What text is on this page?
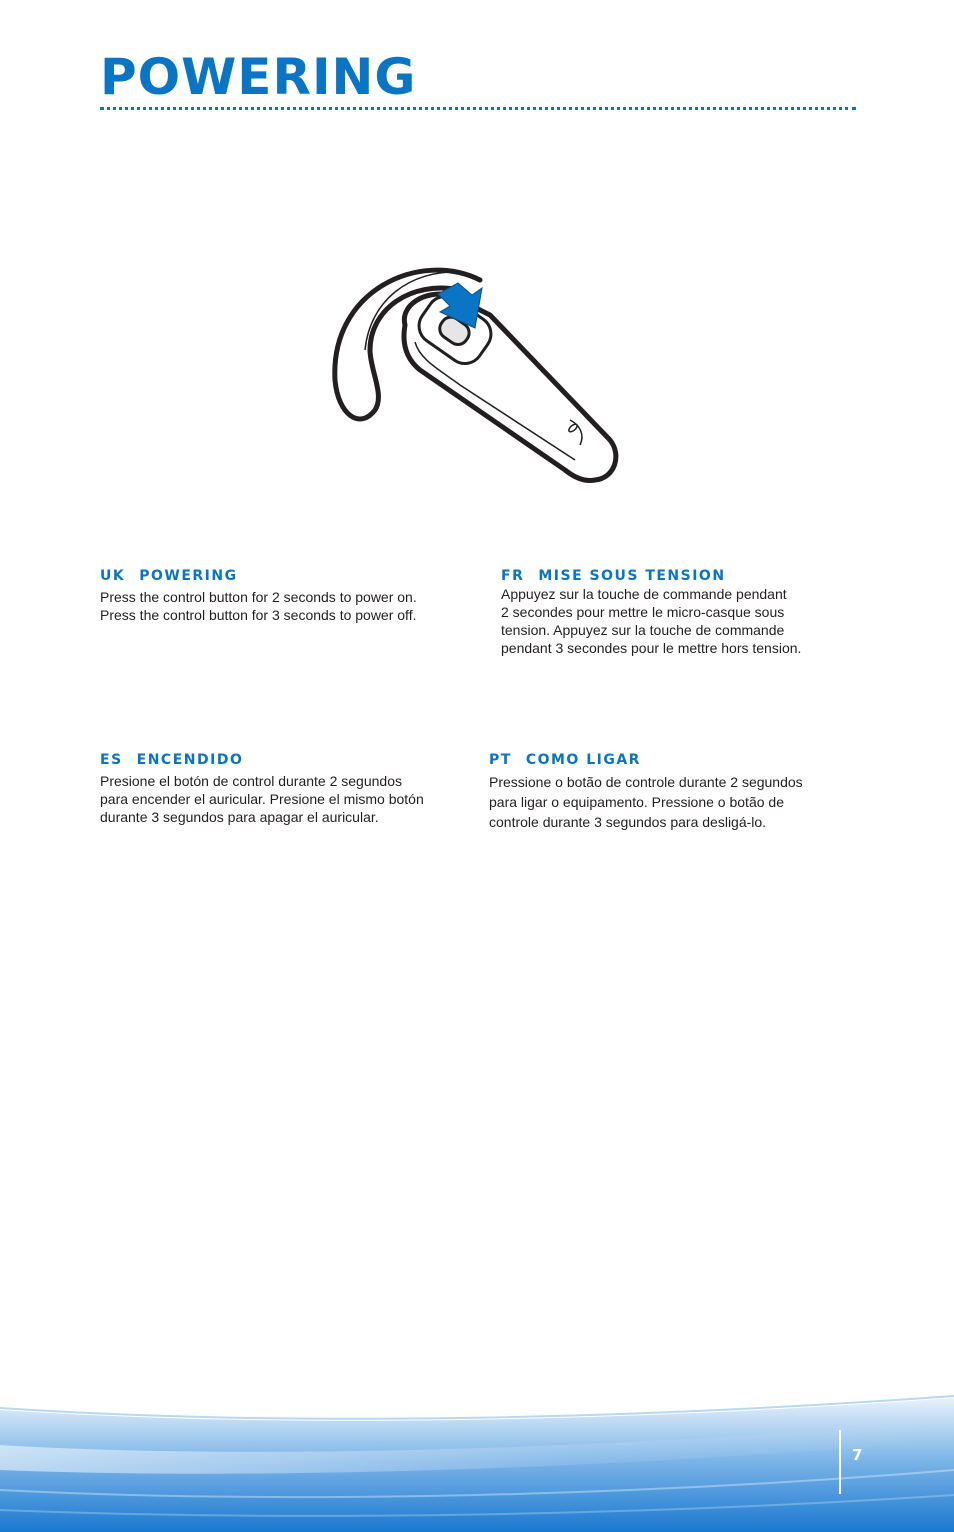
POWERING
UK POWERING

Press the control button for 2 seconds to power on.
Press the control button for 3 seconds to power off.

FR MISE SOUS TENSION

Appuyez sur la touche de commande pendant
2 secondes pour mettre le micro-casque sous
tension. Appuyez sur la touche de commande
pendant 3 secondes pour le mettre hors tension.

ES ENCENDIDO

Presione el botón de control durante 2 segundos
para encender el auricular. Presione el mismo botón
durante 3 segundos para apagar el auricular.

PT COMO LIGAR

Pressione o botão de controle durante 2 segundos
para ligar o equipamento. Pressione o botão de
controle durante 3 segundos para desligá-lo.

7
